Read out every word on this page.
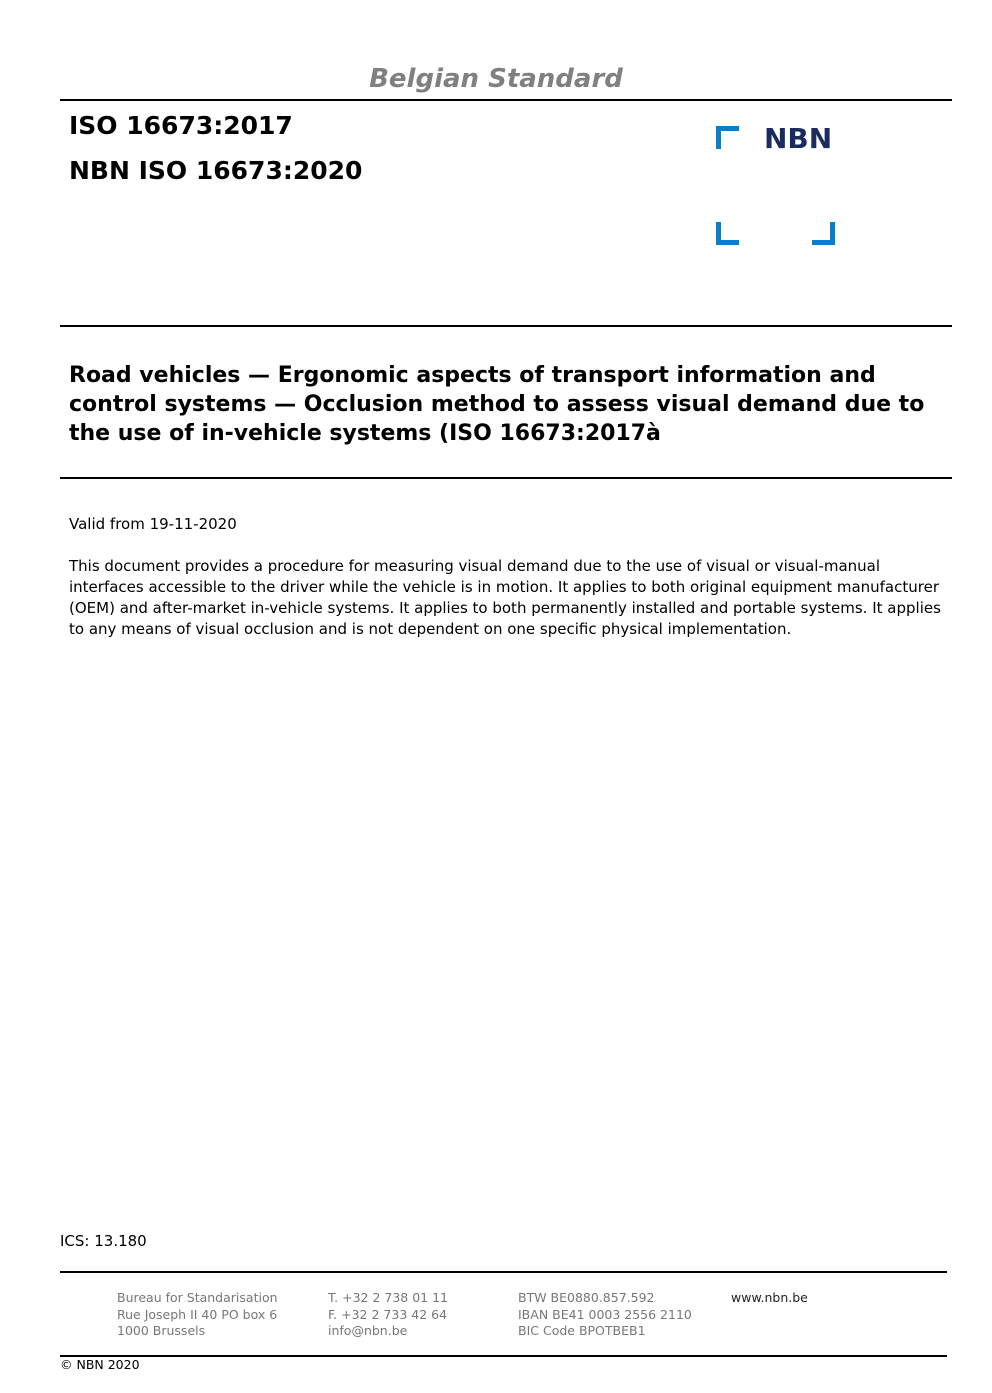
Belgian Standard
ISO 16673:2017
NBN ISO 16673:2020
NBN
Road vehicles — Ergonomic aspects of transport information and control systems — Occlusion method to assess visual demand due to the use of in-vehicle systems (ISO 16673:2017à
Valid from 19-11-2020
This document provides a procedure for measuring visual demand due to the use of visual or visual-manual interfaces accessible to the driver while the vehicle is in motion. It applies to both original equipment manufacturer (OEM) and after-market in-vehicle systems. It applies to both permanently installed and portable systems. It applies to any means of visual occlusion and is not dependent on one specific physical implementation.
ICS: 13.180
Bureau for Standarisation
Rue Joseph II 40 PO box 6
1000 Brussels
T. +32 2 738 01 11
F. +32 2 733 42 64
info@nbn.be
BTW BE0880.857.592
IBAN BE41 0003 2556 2110
BIC Code BPOTBEB1
www.nbn.be
© NBN 2020
